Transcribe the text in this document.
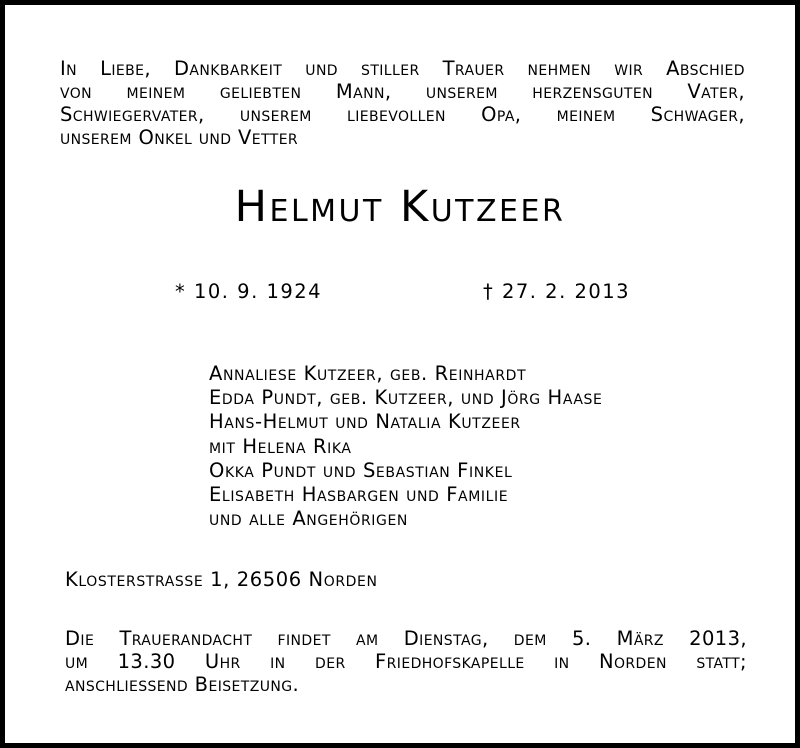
In Liebe, Dankbarkeit und stiller Trauer nehmen wir Abschied
von meinem geliebten Mann, unserem herzensguten Vater,
Schwiegervater, unserem liebevollen Opa, meinem Schwager,
unserem Onkel und Vetter
Helmut Kutzeer
* 10. 9. 1924	† 27. 2. 2013
Annaliese Kutzeer, geb. Reinhardt
Edda Pundt, geb. Kutzeer, und Jörg Haase
Hans-Helmut und Natalia Kutzeer
mit Helena Rika
Okka Pundt und Sebastian Finkel
Elisabeth Hasbargen und Familie
und alle Angehörigen
Klosterstrasse 1, 26506 Norden
Die Trauerandacht findet am Dienstag, dem 5. März 2013,
um 13.30 Uhr in der Friedhofskapelle in Norden statt;
anschliessend Beisetzung.
